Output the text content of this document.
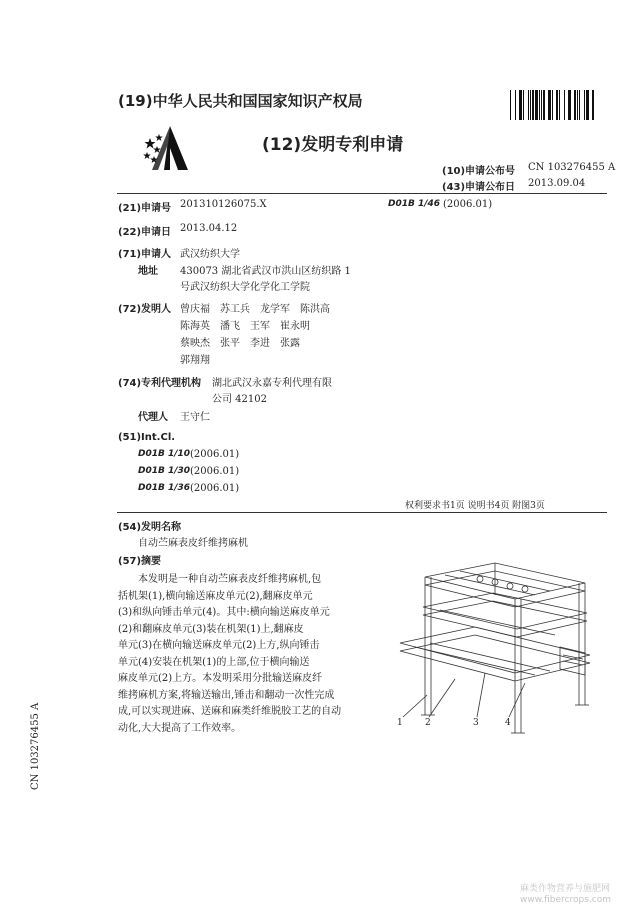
(19)中华人民共和国国家知识产权局
(12)发明专利申请
(10)申请公布号 CN 103276455 A
(43)申请公布日 2013.09.04
(21)申请号 201310126075.X	D01B 1/46 (2006.01)
(22)申请日 2013.04.12
(71)申请人 武汉纺织大学
地址 430073 湖北省武汉市洪山区纺织路 1
号武汉纺织大学化学化工学院
(72)发明人 曾庆福 苏工兵 龙学军 陈洪高
陈海英 潘飞 王军 崔永明
蔡映杰 张平 李进 张露
郭翔翔
(74)专利代理机构 湖北武汉永嘉专利代理有限
公司 42102
代理人 王守仁
(51)Int.Cl.
D01B 1/10 (2006.01)
D01B 1/30 (2006.01)
D01B 1/36 (2006.01)
权利要求书1页 说明书4页 附图3页
(54)发明名称
自动苎麻表皮纤维拷麻机
(57)摘要

本发明是一种自动苎麻表皮纤维拷麻机,包

括机架(1),横向输送麻皮单元(2),翻麻皮单元

(3)和纵向锤击单元(4)。其中:横向输送麻皮单元

(2)和翻麻皮单元(3)装在机架(1)上,翻麻皮

单元(3)在横向输送麻皮单元(2)上方,纵向锤击

单元(4)安装在机架(1)的上部,位于横向输送

麻皮单元(2)上方。本发明采用分批输送麻皮纤

维拷麻机方案,将输送输出,锤击和翻动一次性完成

成,可以实现进麻、送麻和麻类纤维脱胶工艺的自动

动化,大大提高了工作效率。	1 2	3	4
CN 103276455 A
麻类作物营养与施肥网 www.fibercrops.com
